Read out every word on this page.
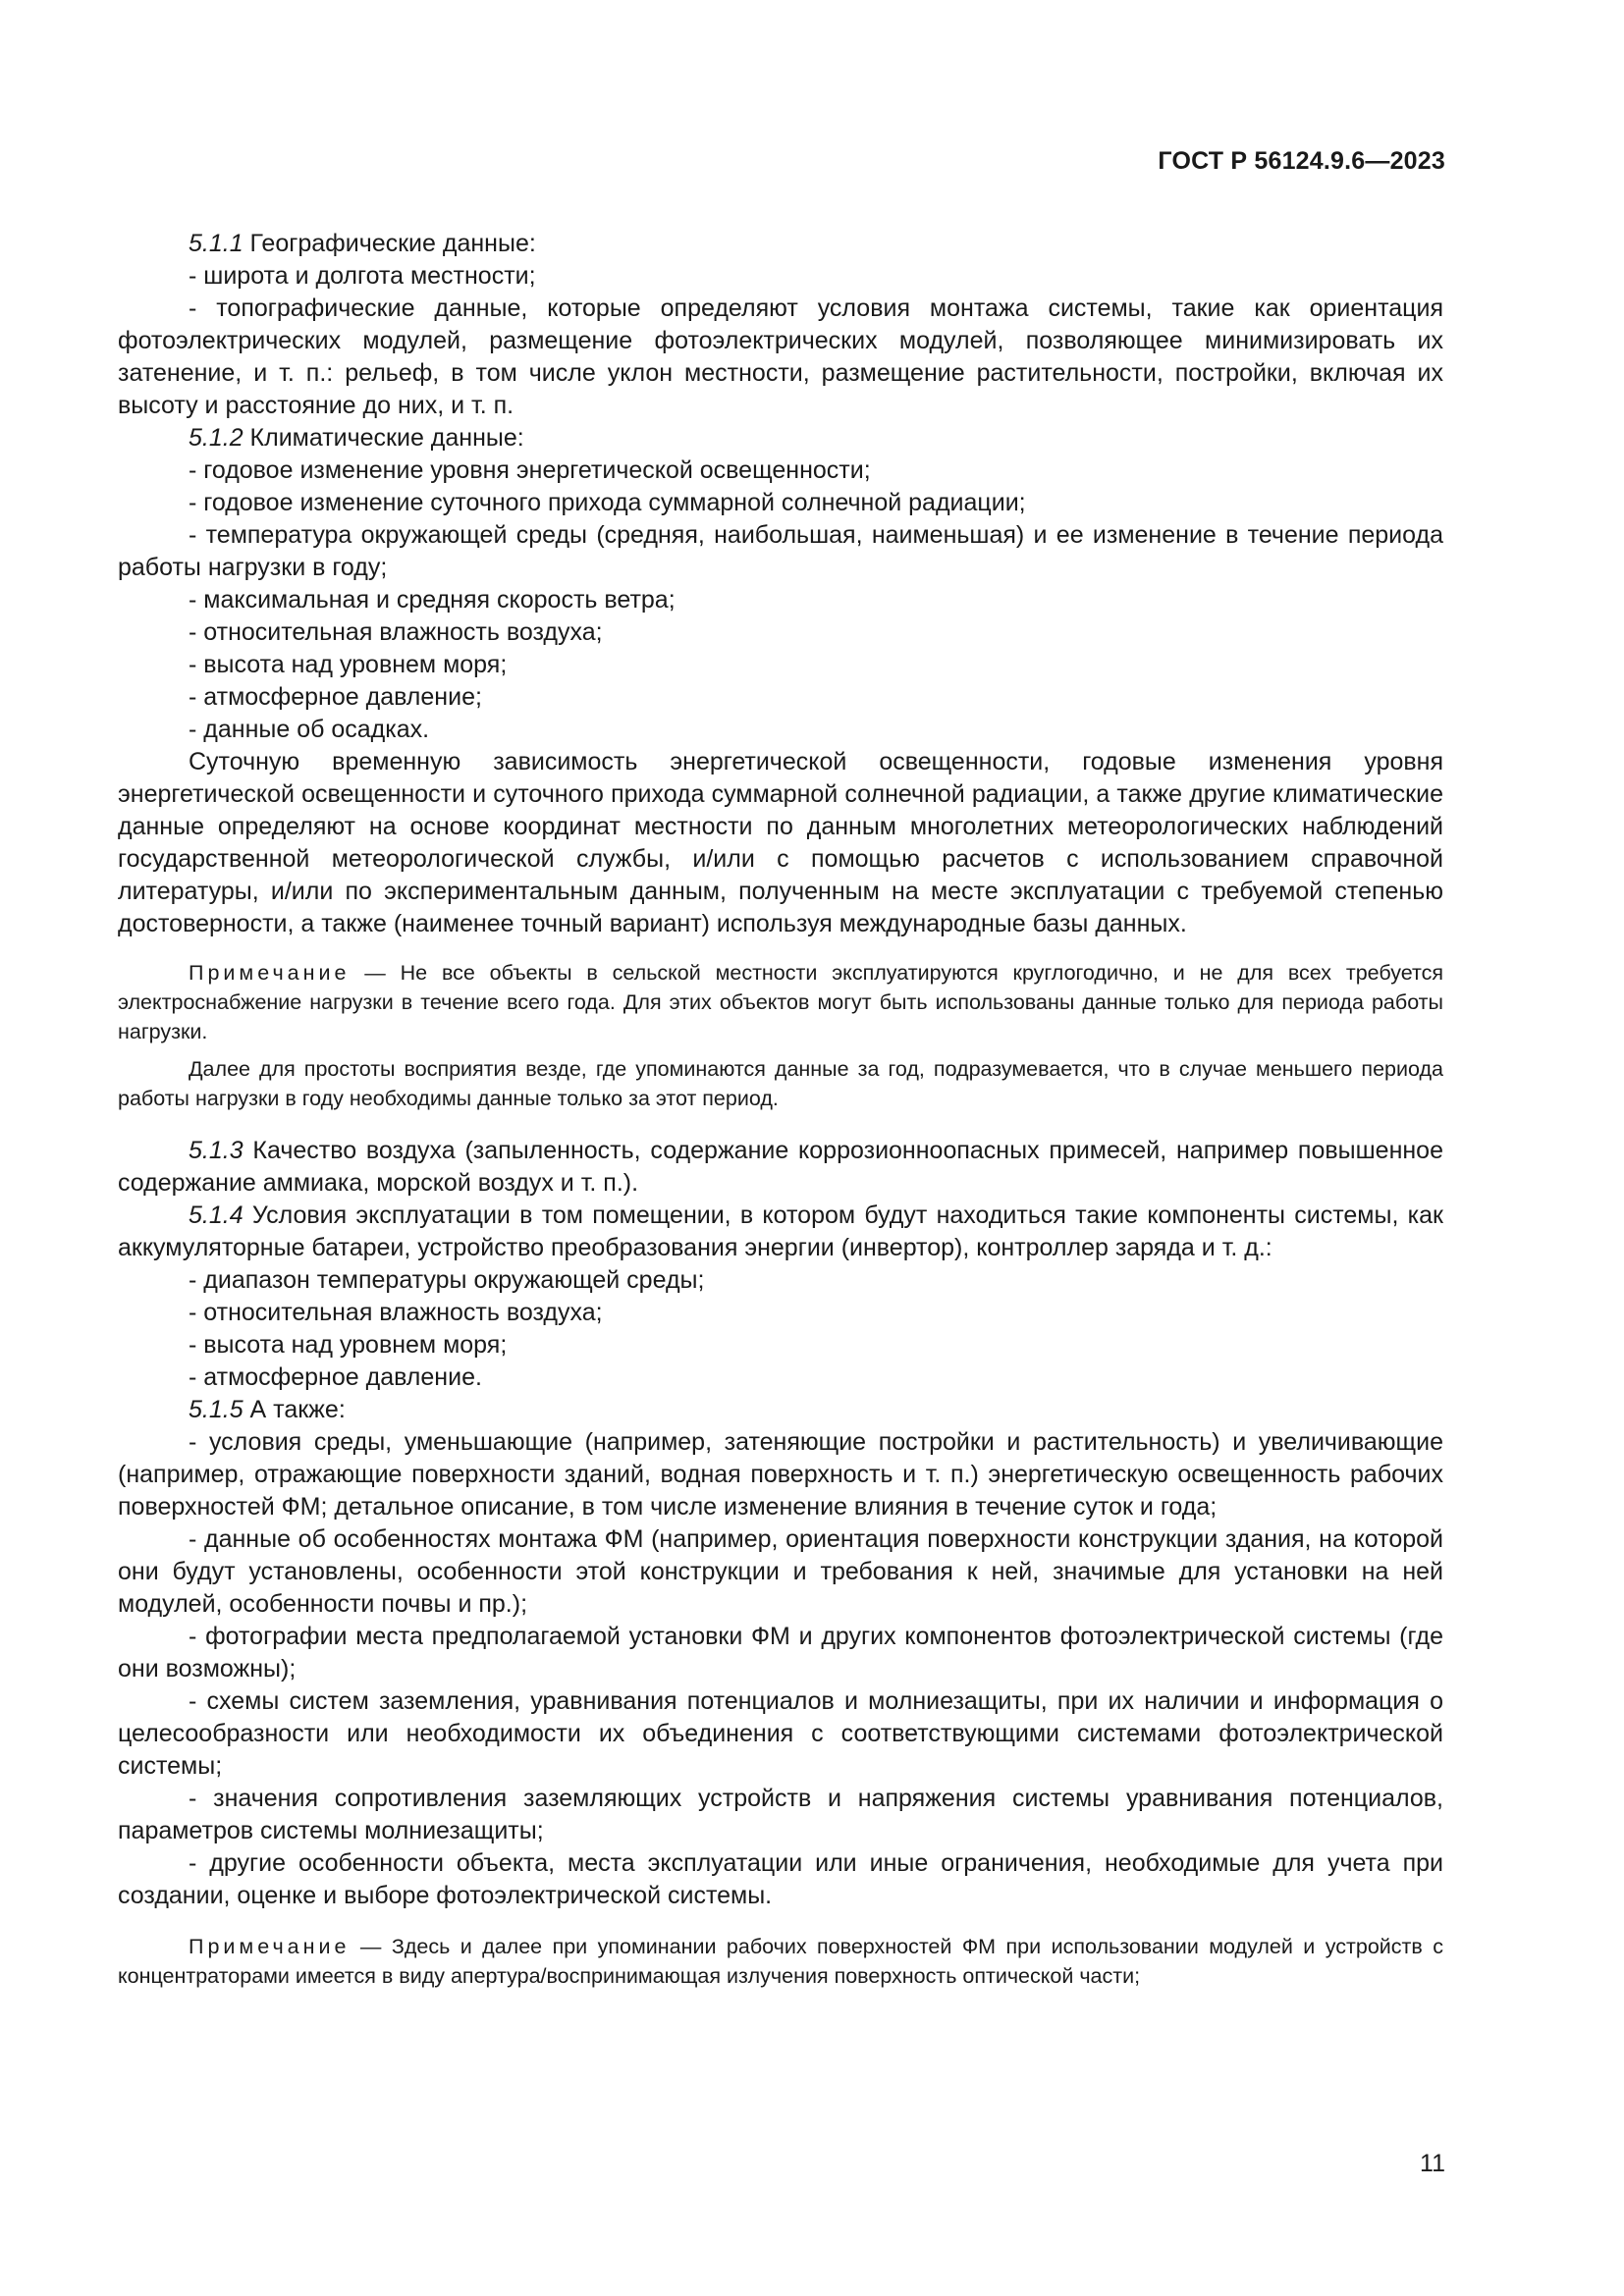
ГОСТ Р 56124.9.6—2023

5.1.1 Географические данные:

- широта и долгота местности;

- топографические данные, которые определяют условия монтажа системы, такие как ориентация фотоэлектрических модулей, размещение фотоэлектрических модулей, позволяющее минимизировать их затенение, и т. п.: рельеф, в том числе уклон местности, размещение растительности, постройки, включая их высоту и расстояние до них, и т. п.

5.1.2 Климатические данные:

- годовое изменение уровня энергетической освещенности;

- годовое изменение суточного прихода суммарной солнечной радиации;

- температура окружающей среды (средняя, наибольшая, наименьшая) и ее изменение в течение периода работы нагрузки в году;

- максимальная и средняя скорость ветра;

- относительная влажность воздуха;

- высота над уровнем моря;

- атмосферное давление;

- данные об осадках.

Суточную временную зависимость энергетической освещенности, годовые изменения уровня энергетической освещенности и суточного прихода суммарной солнечной радиации, а также другие климатические данные определяют на основе координат местности по данным многолетних метеорологических наблюдений государственной метеорологической службы, и/или с помощью расчетов с использованием справочной литературы, и/или по экспериментальным данным, полученным на месте эксплуатации с требуемой степенью достоверности, а также (наименее точный вариант) используя международные базы данных.

Примечание — Не все объекты в сельской местности эксплуатируются круглогодично, и не для всех требуется электроснабжение нагрузки в течение всего года. Для этих объектов могут быть использованы данные только для периода работы нагрузки.

Далее для простоты восприятия везде, где упоминаются данные за год, подразумевается, что в случае меньшего периода работы нагрузки в году необходимы данные только за этот период.

5.1.3 Качество воздуха (запыленность, содержание коррозионноопасных примесей, например повышенное содержание аммиака, морской воздух и т. п.).

5.1.4 Условия эксплуатации в том помещении, в котором будут находиться такие компоненты системы, как аккумуляторные батареи, устройство преобразования энергии (инвертор), контроллер заряда и т. д.:

- диапазон температуры окружающей среды;

- относительная влажность воздуха;

- высота над уровнем моря;

- атмосферное давление.

5.1.5 А также:

- условия среды, уменьшающие (например, затеняющие постройки и растительность) и увеличивающие (например, отражающие поверхности зданий, водная поверхность и т. п.) энергетическую освещенность рабочих поверхностей ФМ; детальное описание, в том числе изменение влияния в течение суток и года;

- данные об особенностях монтажа ФМ (например, ориентация поверхности конструкции здания, на которой они будут установлены, особенности этой конструкции и требования к ней, значимые для установки на ней модулей, особенности почвы и пр.);

- фотографии места предполагаемой установки ФМ и других компонентов фотоэлектрической системы (где они возможны);

- схемы систем заземления, уравнивания потенциалов и молниезащиты, при их наличии и информация о целесообразности или необходимости их объединения с соответствующими системами фотоэлектрической системы;

- значения сопротивления заземляющих устройств и напряжения системы уравнивания потенциалов, параметров системы молниезащиты;

- другие особенности объекта, места эксплуатации или иные ограничения, необходимые для учета при создании, оценке и выборе фотоэлектрической системы.

Примечание — Здесь и далее при упоминании рабочих поверхностей ФМ при использовании модулей и устройств с концентраторами имеется в виду апертура/воспринимающая излучения поверхность оптической части;

11
